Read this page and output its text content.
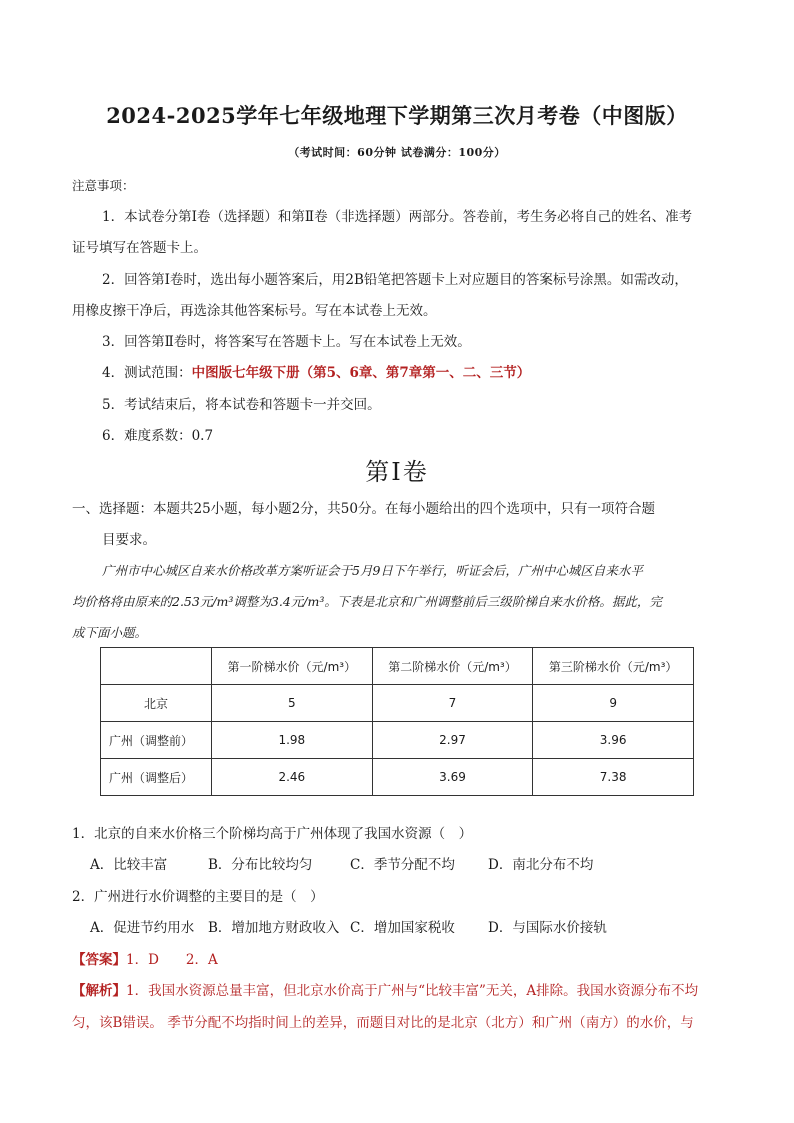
2024-2025学年七年级地理下学期第三次月考卷（中图版）
（考试时间：60分钟 试卷满分：100分）
注意事项：
1．本试卷分第Ⅰ卷（选择题）和第Ⅱ卷（非选择题）两部分。答卷前，考生务必将自己的姓名、准考
证号填写在答题卡上。
2．回答第Ⅰ卷时，选出每小题答案后，用2B铅笔把答题卡上对应题目的答案标号涂黑。如需改动，
用橡皮擦干净后，再选涂其他答案标号。写在本试卷上无效。
3．回答第Ⅱ卷时，将答案写在答题卡上。写在本试卷上无效。
4．测试范围：中图版七年级下册（第5、6章、第7章第一、二、三节）
5．考试结束后，将本试卷和答题卡一并交回。
6．难度系数：0.7
第Ⅰ卷
一、选择题：本题共25小题，每小题2分，共50分。在每小题给出的四个选项中，只有一项符合题
目要求。
广州市中心城区自来水价格改革方案听证会于5月9日下午举行，听证会后，广州中心城区自来水平
均价格将由原来的2.53元/m³调整为3.4元/m³。下表是北京和广州调整前后三级阶梯自来水价格。据此，完
成下面小题。
	第一阶梯水价（元/m³）	第二阶梯水价（元/m³）	第三阶梯水价（元/m³）
北京	5	7	9
广州（调整前）	1.98	2.97	3.96
广州（调整后）	2.46	3.69	7.38
1．北京的自来水价格三个阶梯均高于广州体现了我国水资源（　）
A．比较丰富	B．分布比较均匀	C．季节分配不均 D．南北分布不均
2．广州进行水价调整的主要目的是（　）
A．促进节约用水 B．增加地方财政收入 C．增加国家税收 D．与国际水价接轨
【答案】1．D　　2．A
【解析】1．我国水资源总量丰富，但北京水价高于广州与“比较丰富”无关，A排除。我国水资源分布不均
匀，该B错误。 季节分配不均指时间上的差异，而题目对比的是北京（北方）和广州（南方）的水价，与
